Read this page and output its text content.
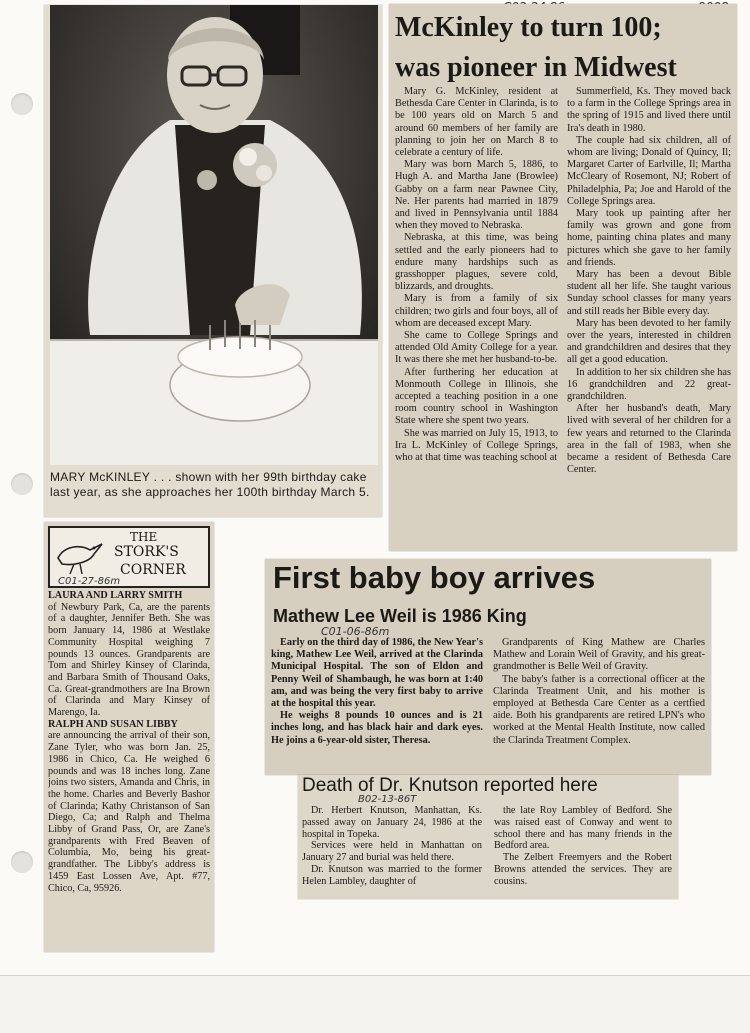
MARY McKINLEY . . . shown with her 99th birthday cake last year, as she approaches her 100th birthday March 5.
McKinley to turn 100;
was pioneer in Midwest

Mary G. McKinley, resident at Bethesda Care Center in Clarinda, is to be 100 years old on March 5 and around 60 members of her family are planning to join her on March 8 to celebrate a century of life.

Mary was born March 5, 1886, to Hugh A. and Martha Jane (Browlee) Gabby on a farm near Pawnee City, Ne. Her parents had married in 1879 and lived in Pennsylvania until 1884 when they moved to Nebraska.

Nebraska, at this time, was being settled and the early pioneers had to endure many hardships such as grasshopper plagues, severe cold, blizzards, and droughts.

Mary is from a family of six children; two girls and four boys, all of whom are deceased except Mary.

She came to College Springs and attended Old Amity College for a year. It was there she met her husband-to-be.

After furthering her education at Monmouth College in Illinois, she accepted a teaching position in a one room country school in Washington State where she spent two years.

She was married on July 15, 1913, to Ira L. McKinley of College Springs, who at that time was teaching school at

Summerfield, Ks. They moved back to a farm in the College Springs area in the spring of 1915 and lived there until Ira's death in 1980.

The couple had six children, all of whom are living; Donald of Quincy, Il; Margaret Carter of Earlville, Il; Martha McCleary of Rosemont, NJ; Robert of Philadelphia, Pa; Joe and Harold of the College Springs area.

Mary took up painting after her family was grown and gone from home, painting china plates and many pictures which she gave to her family and friends.

Mary has been a devout Bible student all her life. She taught various Sunday school classes for many years and still reads her Bible every day.

Mary has been devoted to her family over the years, interested in children and grandchildren and desires that they all get a good education.

In addition to her six children she has 16 grandchildren and 22 great-grandchildren.

After her husband's death, Mary lived with several of her children for a few years and returned to the Clarinda area in the fall of 1983, when she became a resident of Bethesda Care Center.

THE
STORK'S
CORNER
C01-27-86m

LAURA AND LARRY SMITH

of Newbury Park, Ca, are the parents of a daughter, Jennifer Beth. She was born January 14, 1986 at Westlake Community Hospital weighing 7 pounds 13 ounces. Grandparents are Tom and Shirley Kinsey of Clarinda, and Barbara Smith of Thousand Oaks, Ca. Great-grandmothers are Ina Brown of Clarinda and Mary Kinsey of Marengo, Ia.

RALPH AND SUSAN LIBBY

are announcing the arrival of their son, Zane Tyler, who was born Jan. 25, 1986 in Chico, Ca. He weighed 6 pounds and was 18 inches long. Zane joins two sisters, Amanda and Chris, in the home. Charles and Beverly Bashor of Clarinda; Kathy Christanson of San Diego, Ca; and Ralph and Thelma Libby of Grand Pass, Or, are Zane's grandparents with Fred Beaven of Columbia, Mo, being his great-grandfather. The Libby's address is 1459 East Lossen Ave, Apt. #77, Chico, Ca, 95926.

First baby boy arrives
Mathew Lee Weil is 1986 King
C01-06-86m

Early on the third day of 1986, the New Year's king, Mathew Lee Weil, arrived at the Clarinda Municipal Hospital. The son of Eldon and Penny Weil of Shambaugh, he was born at 1:40 am, and was being the very first baby to arrive at the hospital this year.

He weighs 8 pounds 10 ounces and is 21 inches long, and has black hair and dark eyes. He joins a 6-year-old sister, Theresa.

Grandparents of King Mathew are Charles Mathew and Lorain Weil of Gravity, and his great-grandmother is Belle Weil of Gravity.

The baby's father is a correctional officer at the Clarinda Treatment Unit, and his mother is employed at Bethesda Care Center as a certfied aide. Both his grandparents are retired LPN's who worked at the Mental Health Institute, now called the Clarinda Treatment Complex.

Death of Dr. Knutson reported here
B02-13-86T

Dr. Herbert Knutson, Manhattan, Ks. passed away on January 24, 1986 at the hospital in Topeka.

Services were held in Manhattan on January 27 and burial was held there.

Dr. Knutson was married to the former Helen Lambley, daughter of

the late Roy Lambley of Bedford. She was raised east of Conway and went to school there and has many friends in the Bedford area.

The Zelbert Freemyers and the Robert Browns attended the services. They are cousins.
